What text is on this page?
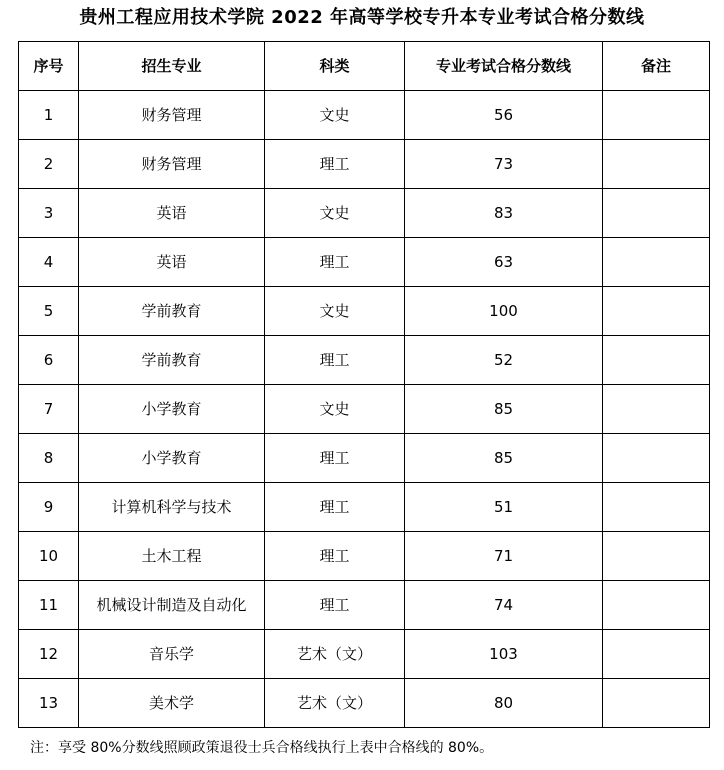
贵州工程应用技术学院 2022 年高等学校专升本专业考试合格分数线
序号	招生专业	科类	专业考试合格分数线	备注
1	财务管理	文史	56	
2	财务管理	理工	73	
3	英语	文史	83	
4	英语	理工	63	
5	学前教育	文史	100	
6	学前教育	理工	52	
7	小学教育	文史	85	
8	小学教育	理工	85	
9	计算机科学与技术	理工	51	
10	土木工程	理工	71	
11	机械设计制造及自动化	理工	74	
12	音乐学	艺术（文）	103	
13	美术学	艺术（文）	80	
注：享受 80%分数线照顾政策退役士兵合格线执行上表中合格线的 80%。
